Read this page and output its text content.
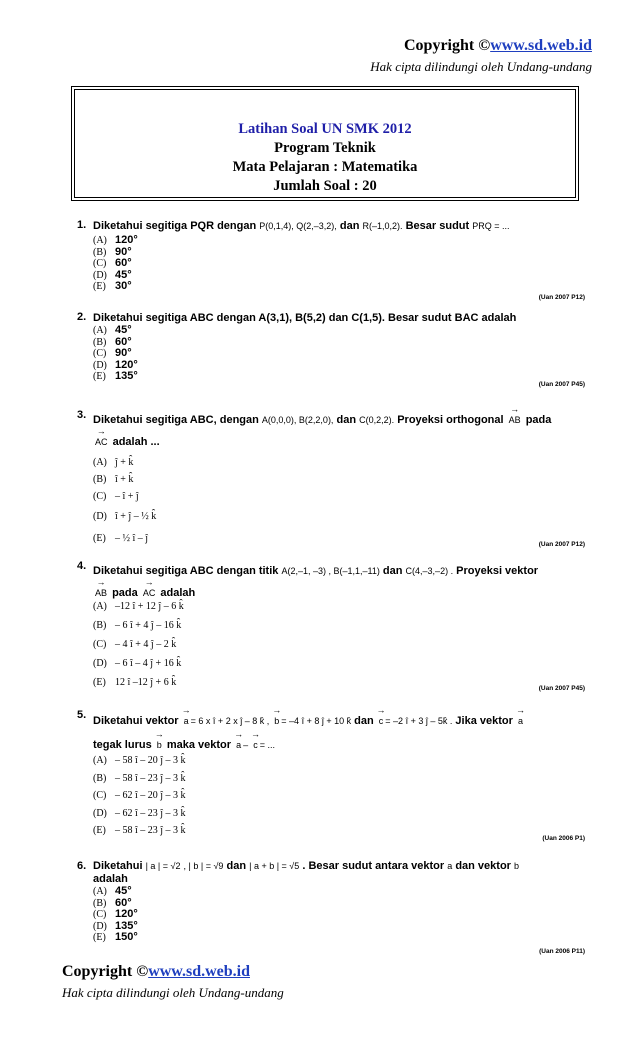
Copyright ©www.sd.web.id
Hak cipta dilindungi oleh Undang-undang
Latihan Soal UN SMK 2012
Program Teknik
Mata Pelajaran : Matematika
Jumlah Soal : 20
1. Diketahui segitiga PQR dengan P(0,1,4), Q(2,–3,2), dan R(–1,0,2). Besar sudut PRQ = ...
(A) 120°
(B) 90°
(C) 60°
(D) 45°
(E) 30°
(Uan 2007 P12)
2. Diketahui segitiga ABC dengan A(3,1), B(5,2) dan C(1,5). Besar sudut BAC adalah
(A) 45°
(B) 60°
(C) 90°
(D) 120°
(E) 135°
(Uan 2007 P45)
3. Diketahui segitiga ABC, dengan A(0,0,0), B(2,2,0), dan C(0,2,2). Proyeksi orthogonal → AB pada
→ AC adalah ...
(A) ĵ + k̂
(B) î + k̂
(C) – î + ĵ
(D) î + ĵ – ½ k̂
(E) – ½ î – ĵ
(Uan 2007 P12)
4. Diketahui segitiga ABC dengan titik A(2,–1, –3) , B(–1,1,–11) dan C(4,–3,–2) . Proyeksi vektor
→ AB pada → AC adalah
(A) –12 î + 12 ĵ – 6 k̂
(B) – 6 î + 4 ĵ – 16 k̂
(C) – 4 î + 4 ĵ – 2 k̂
(D) – 6 î – 4 ĵ + 16 k̂
(E) 12 î –12 ĵ + 6 k̂
(Uan 2007 P45)
5. Diketahui vektor → a = 6 x î + 2 x ĵ – 8 k̂ , → b = –4 î + 8 ĵ + 10 k̂ dan → c = –2 î + 3 ĵ – 5k̂ . Jika vektor → a
tegak lurus → b maka vektor → a – → c = ...
(A) – 58 î – 20 ĵ – 3 k̂
(B) – 58 î – 23 ĵ – 3 k̂
(C) – 62 î – 20 ĵ – 3 k̂
(D) – 62 î – 23 ĵ – 3 k̂
(E) – 58 î – 23 ĵ – 3 k̂
(Uan 2006 P1)
6. Diketahui | a | = √2 , | b | = √9 dan | a + b | = √5 . Besar sudut antara vektor a dan vektor b
adalah
(A) 45°
(B) 60°
(C) 120°
(D) 135°
(E) 150°
(Uan 2006 P11)
Copyright ©www.sd.web.id
Hak cipta dilindungi oleh Undang-undang
